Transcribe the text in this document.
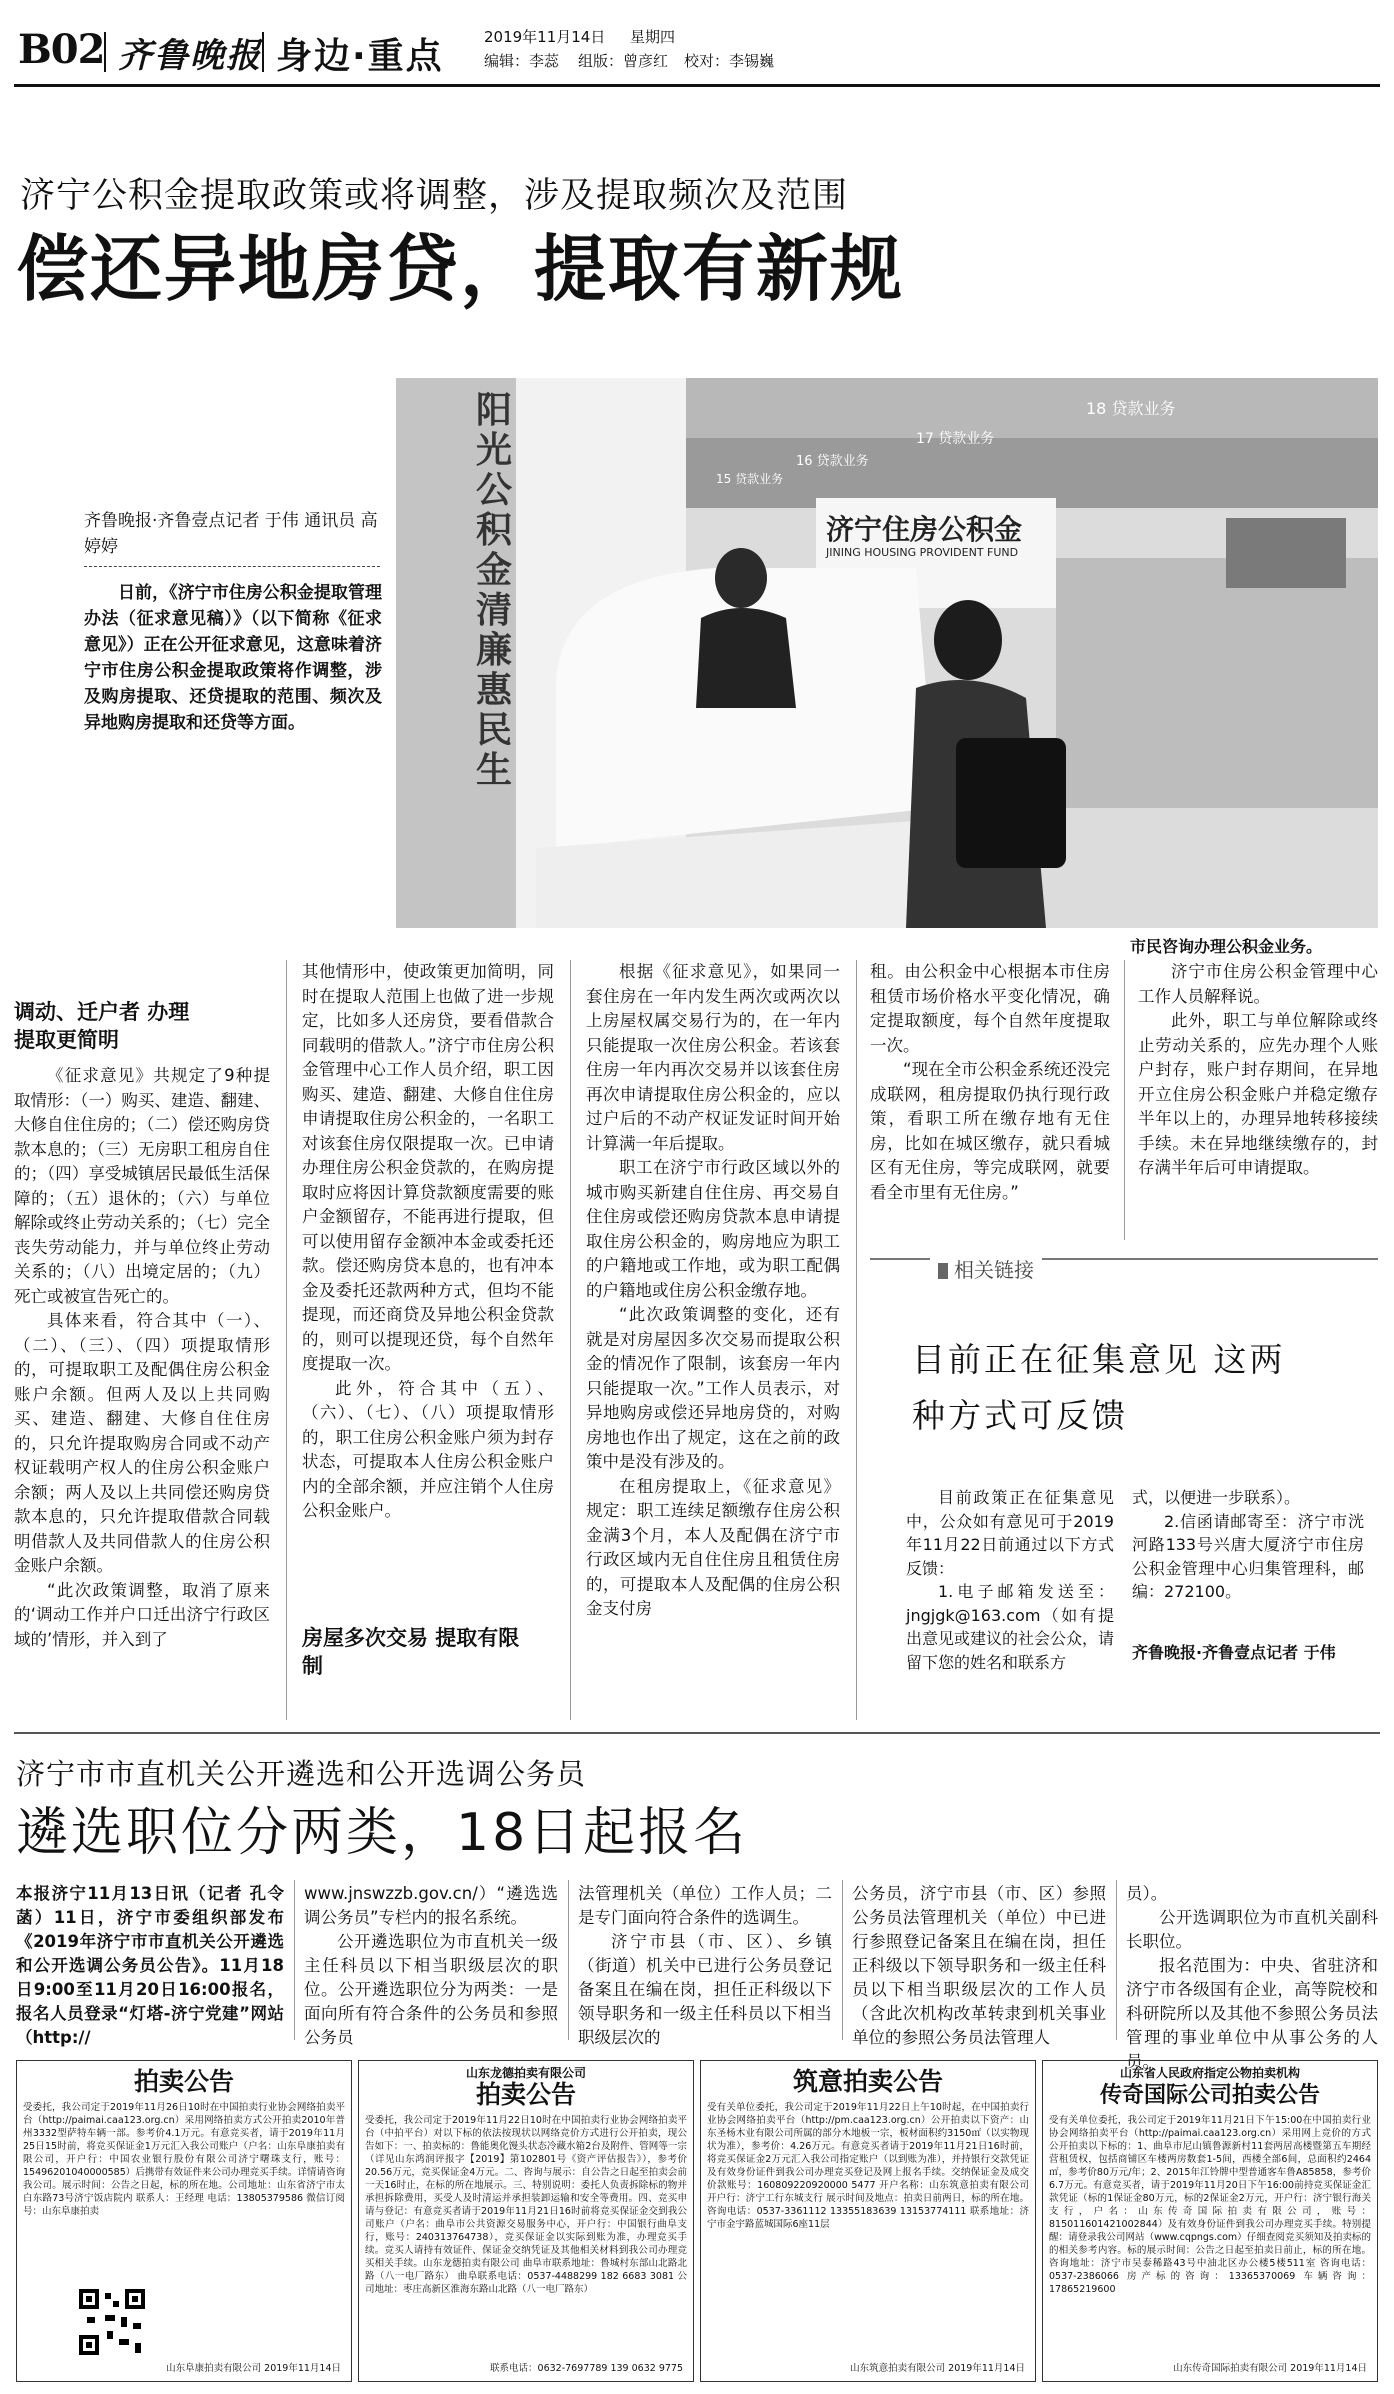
B02 齐鲁晚报 身边·重点	2019年11月14日 星期四
编辑：李蕊 组版：曾彦红 校对：李锡巍
济宁公积金提取政策或将调整，涉及提取频次及范围
偿还异地房贷，提取有新规
阳光公积金 清廉惠民生
15 贷款业务
16 贷款业务
17 贷款业务
18 贷款业务
济宁住房公积金
JINING HOUSING PROVIDENT FUND
市民咨询办理公积金业务。
齐鲁晚报·齐鲁壹点记者 于伟 通讯员 高婷婷
日前，《济宁市住房公积金提取管理办法（征求意见稿）》（以下简称《征求意见》）正在公开征求意见，这意味着济宁市住房公积金提取政策将作调整，涉及购房提取、还贷提取的范围、频次及异地购房提取和还贷等方面。
调动、迁户者 办理提取更简明

《征求意见》共规定了9种提取情形：（一）购买、建造、翻建、大修自住住房的；（二）偿还购房贷款本息的；（三）无房职工租房自住的；（四）享受城镇居民最低生活保障的；（五）退休的；（六）与单位解除或终止劳动关系的；（七）完全丧失劳动能力，并与单位终止劳动关系的；（八）出境定居的；（九）死亡或被宣告死亡的。

具体来看，符合其中（一）、（二）、（三）、（四）项提取情形的，可提取职工及配偶住房公积金账户余额。但两人及以上共同购买、建造、翻建、大修自住住房的，只允许提取购房合同或不动产权证载明产权人的住房公积金账户余额；两人及以上共同偿还购房贷款本息的，只允许提取借款合同载明借款人及共同借款人的住房公积金账户余额。

“此次政策调整，取消了原来的‘调动工作并户口迁出济宁行政区域的’情形，并入到了

其他情形中，使政策更加简明，同时在提取人范围上也做了进一步规定，比如多人还房贷，要看借款合同载明的借款人。”济宁市住房公积金管理中心工作人员介绍，职工因购买、建造、翻建、大修自住住房申请提取住房公积金的，一名职工对该套住房仅限提取一次。已申请办理住房公积金贷款的，在购房提取时应将因计算贷款额度需要的账户金额留存，不能再进行提取，但可以使用留存金额冲本金或委托还款。偿还购房贷本息的，也有冲本金及委托还款两种方式，但均不能提现，而还商贷及异地公积金贷款的，则可以提现还贷，每个自然年度提取一次。

此外，符合其中（五）、（六）、（七）、（八）项提取情形的，职工住房公积金账户须为封存状态，可提取本人住房公积金账户内的全部余额，并应注销个人住房公积金账户。

房屋多次交易 提取有限制

根据《征求意见》，如果同一套住房在一年内发生两次或两次以上房屋权属交易行为的，在一年内只能提取一次住房公积金。若该套住房一年内再次交易并以该套住房再次申请提取住房公积金的，应以过户后的不动产权证发证时间开始计算满一年后提取。

职工在济宁市行政区域以外的城市购买新建自住住房、再交易自住住房或偿还购房贷款本息申请提取住房公积金的，购房地应为职工的户籍地或工作地，或为职工配偶的户籍地或住房公积金缴存地。

“此次政策调整的变化，还有就是对房屋因多次交易而提取公积金的情况作了限制，该套房一年内只能提取一次。”工作人员表示，对异地购房或偿还异地房贷的，对购房地也作出了规定，这在之前的政策中是没有涉及的。

在租房提取上，《征求意见》规定：职工连续足额缴存住房公积金满3个月，本人及配偶在济宁市行政区域内无自住住房且租赁住房的，可提取本人及配偶的住房公积金支付房

租。由公积金中心根据本市住房租赁市场价格水平变化情况，确定提取额度，每个自然年度提取一次。

“现在全市公积金系统还没完成联网，租房提取仍执行现行政策，看职工所在缴存地有无住房，比如在城区缴存，就只看城区有无住房，等完成联网，就要看全市里有无住房。”

济宁市住房公积金管理中心工作人员解释说。

此外，职工与单位解除或终止劳动关系的，应先办理个人账户封存，账户封存期间，在异地开立住房公积金账户并稳定缴存半年以上的，办理异地转移接续手续。未在异地继续缴存的，封存满半年后可申请提取。

相关链接
目前正在征集意见 这两种方式可反馈

目前政策正在征集意见中，公众如有意见可于2019年11月22日前通过以下方式反馈：

1.电子邮箱发送至：jngjgk@163.com（如有提出意见或建议的社会公众，请留下您的姓名和联系方

式，以便进一步联系）。

2.信函请邮寄至：济宁市洸河路133号兴唐大厦济宁市住房公积金管理中心归集管理科，邮编：272100。

齐鲁晚报·齐鲁壹点记者 于伟
济宁市市直机关公开遴选和公开选调公务员
遴选职位分两类，18日起报名

本报济宁11月13日讯（记者 孔令菡）11日，济宁市委组织部发布《2019年济宁市市直机关公开遴选和公开选调公务员公告》。11月18日9:00至11月20日16:00报名，报名人员登录“灯塔-济宁党建”网站（http://

www.jnswzzb.gov.cn/）“遴选选调公务员”专栏内的报名系统。

公开遴选职位为市直机关一级主任科员以下相当职级层次的职位。公开遴选职位分为两类：一是面向所有符合条件的公务员和参照公务员

法管理机关（单位）工作人员；二是专门面向符合条件的选调生。

济宁市县（市、区）、乡镇（街道）机关中已进行公务员登记备案且在编在岗，担任正科级以下领导职务和一级主任科员以下相当职级层次的

公务员，济宁市县（市、区）参照公务员法管理机关（单位）中已进行参照登记备案且在编在岗，担任正科级以下领导职务和一级主任科员以下相当职级层次的工作人员（含此次机构改革转隶到机关事业单位的参照公务员法管理人

员）。

公开选调职位为市直机关副科长职位。

报名范围为：中央、省驻济和济宁市各级国有企业，高等院校和科研院所以及其他不参照公务员法管理的事业单位中从事公务的人员。

拍卖公告
受委托，我公司定于2019年11月26日10时在中国拍卖行业协会网络拍卖平台（http://paimai.caa123.org.cn）采用网络拍卖方式公开拍卖2010年普州3332型萨特车辆一部。参考价4.1万元。有意竞买者，请于2019年11月25日15时前，将竞买保证金1万元汇入我公司账户（户名：山东阜康拍卖有限公司，开户行：中国农业银行股份有限公司济宁曙珠支行，账号：15496201040000585）后携带有效证件来公司办理竞买手续。详情请咨询我公司。展示时间：公告之日起，标的所在地。公司地址：山东省济宁市太白东路73号济宁饭店院内 联系人：王经理 电话：13805379586 微信订阅号：山东阜康拍卖
山东阜康拍卖有限公司 2019年11月14日
山东龙德拍卖有限公司
拍卖公告
受委托，我公司定于2019年11月22日10时在中国拍卖行业协会网络拍卖平台（中拍平台）对以下标的依法按现状以网络竞价方式进行公开拍卖，现公告如下：一、拍卖标的：鲁能奥化馒头状态冷藏水箱2台及附件、管网等一宗（详见山东鸿润评报字【2019】第102801号《资产评估报告》），参考价20.56万元，竞买保证金4万元。二、咨询与展示：自公告之日起至拍卖会前一天16时止，在标的所在地展示。三、特别说明：委托人负责拆除标的物并承担拆除费用，买受人及时清运并承担装卸运输和安全等费用。四、竞买申请与登记：有意竞买者请于2019年11月21日16时前将竞买保证金交到我公司账户（户名：曲阜市公共资源交易服务中心，开户行：中国银行曲阜支行，账号：240313764738），竞买保证金以实际到账为准，办理竞买手续。竞买人请持有效证件、保证金交纳凭证及其他相关材料到我公司办理竞买相关手续。山东龙德拍卖有限公司 曲阜市联系地址：鲁城村东部山北路北路（八一电厂路东） 曲阜联系电话：0537-4488299 182 6683 3081 公司地址：枣庄高新区淮海东路山北路（八一电厂路东）
联系电话：0632-7697789 139 0632 9775
筑意拍卖公告
受有关单位委托，我公司定于2019年11月22日上午10时起，在中国拍卖行业协会网络拍卖平台（http://pm.caa123.org.cn）公开拍卖以下资产：山东圣杨木业有限公司所属的部分木地板一宗，板材面积约3150㎡（以实物现状为准），参考价：4.26万元。有意竞买者请于2019年11月21日16时前，将竞买保证金2万元汇入我公司指定账户（以到账为准），并持银行交款凭证及有效身份证件到我公司办理竞买登记及网上报名手续。交纳保证金及成交价款账号：160809220920000 5477 开户名称：山东筑意拍卖有限公司 开户行：济宁工行东城支行 展示时间及地点：拍卖日前两日，标的所在地。咨询电话：0537-3361112 13355183639 13153774111 联系地址：济宁市金宇路蓝城国际6座11层
山东筑意拍卖有限公司 2019年11月14日
山东省人民政府指定公物拍卖机构
传奇国际公司拍卖公告
受有关单位委托，我公司定于2019年11月21日下午15:00在中国拍卖行业协会网络拍卖平台（http://paimai.caa123.org.cn）采用网上竞价的方式公开拍卖以下标的：1、曲阜市尼山镇鲁源新村11套两居高楼暨第五车期经营租赁权，包括商铺区车楼两房数套1-5间，西楼全部6间，总面积约2464㎡，参考价80万元/年；2、2015年江铃牌中型普通客车鲁A85858，参考价6.7万元。有意竞买者，请于2019年11月20日下午16:00前持竞买保证金汇款凭证（标的1保证金80万元，标的2保证金2万元，开户行：济宁银行海关支行，户名：山东传奇国际拍卖有限公司，账号：815011601421002844）及有效身份证件到我公司办理竞买手续。特别提醒：请登录我公司网站（www.cqpngs.com）仔细查阅竞买须知及拍卖标的的相关参考内容。标的展示时间：公告之日起至拍卖日前止，标的所在地。咨询地址：济宁市吴泰稀路43号中油北区办公楼5楼511室 咨询电话：0537-2386066 房产标的咨询：13365370069 车辆咨询：17865219600
山东传奇国际拍卖有限公司 2019年11月14日
